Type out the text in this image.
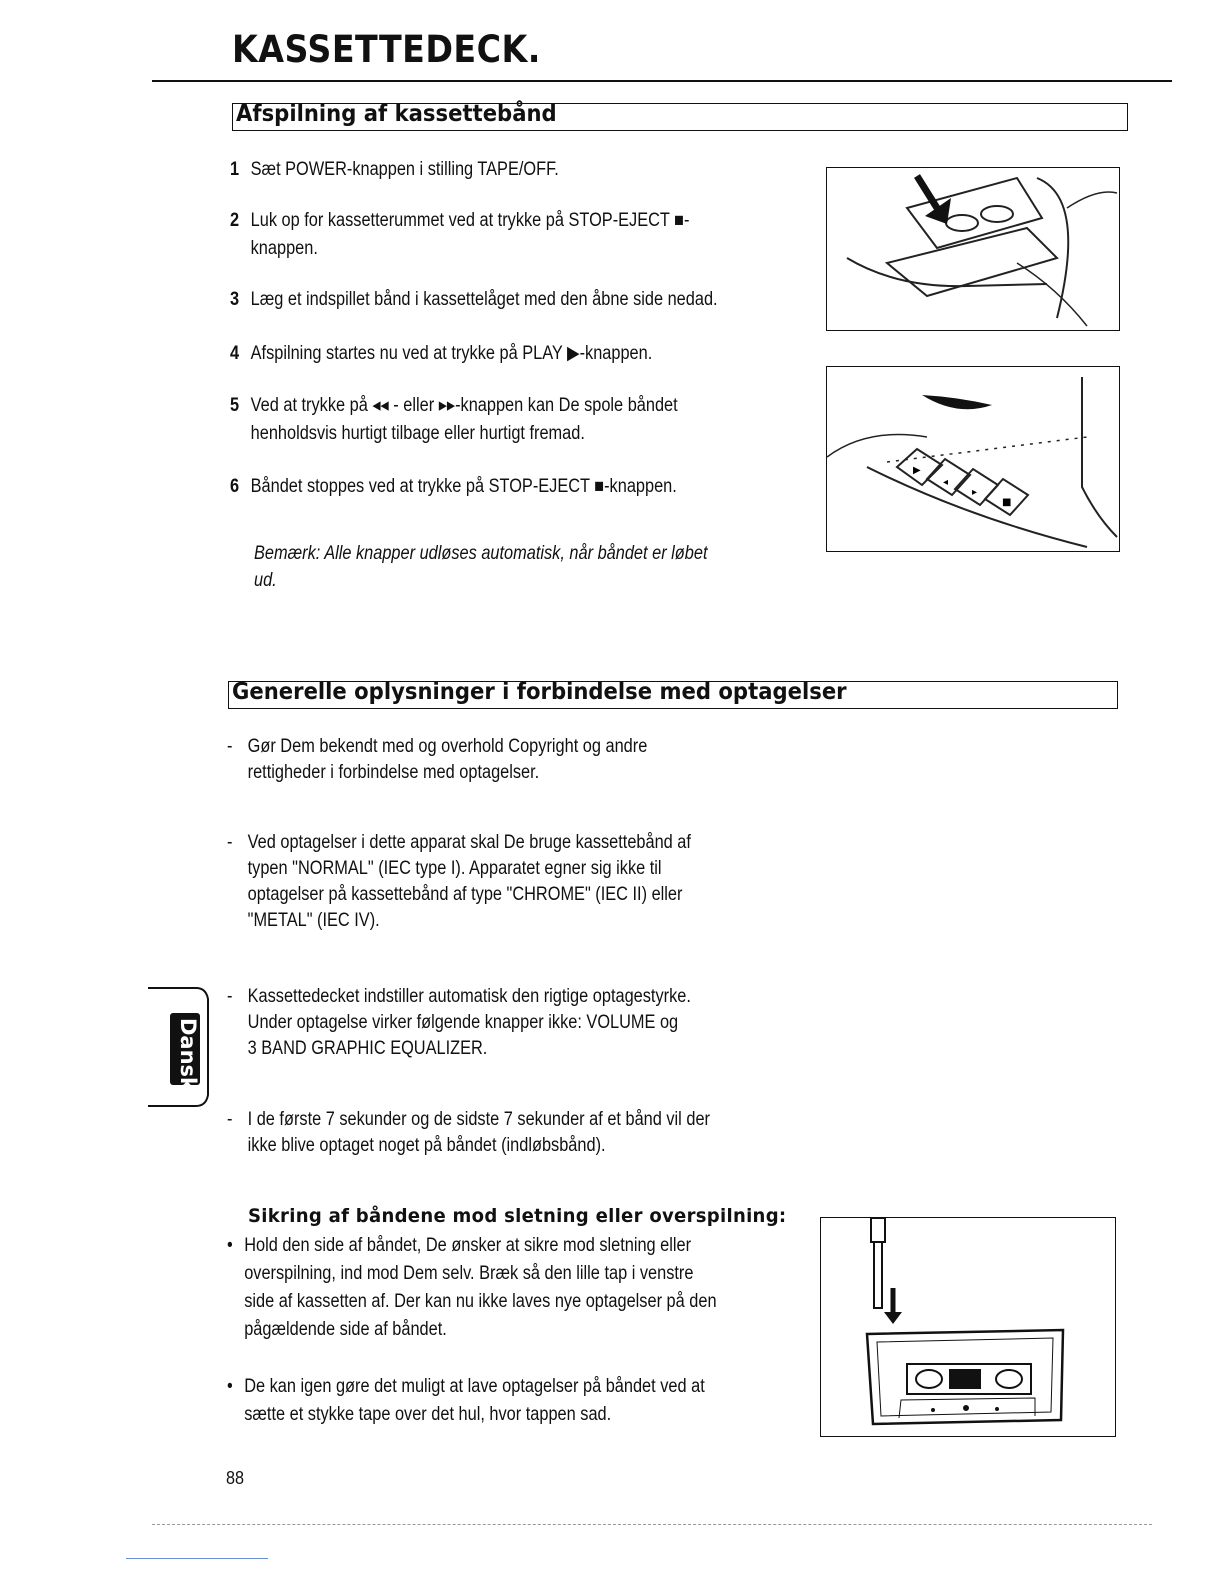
KASSETTEDECK.
Afspilning af kassettebånd
1 Sæt POWER-knappen i stilling TAPE/OFF.
2 Luk op for kassetterummet ved at trykke på STOP-EJECT ■-
knappen.
3 Læg et indspillet bånd i kassettelåget med den åbne side nedad.
4 Afspilning startes nu ved at trykke på PLAY ▶-knappen.
5 Ved at trykke på ◂◂ - eller ▸▸-knappen kan De spole båndet
henholdsvis hurtigt tilbage eller hurtigt fremad.
6 Båndet stoppes ved at trykke på STOP-EJECT ■-knappen.
Bemærk: Alle knapper udløses automatisk, når båndet er løbet
ud.
▶
◂
▸
■
Generelle oplysninger i forbindelse med optagelser
- Gør Dem bekendt med og overhold Copyright og andre
rettigheder i forbindelse med optagelser.
- Ved optagelser i dette apparat skal De bruge kassettebånd af
typen "NORMAL" (IEC type I). Apparatet egner sig ikke til
optagelser på kassettebånd af type "CHROME" (IEC II) eller
"METAL" (IEC IV).
- Kassettedecket indstiller automatisk den rigtige optagestyrke.
Under optagelse virker følgende knapper ikke: VOLUME og
3 BAND GRAPHIC EQUALIZER.
- I de første 7 sekunder og de sidste 7 sekunder af et bånd vil der
ikke blive optaget noget på båndet (indløbsbånd).
Dansk
Sikring af båndene mod sletning eller overspilning:
• Hold den side af båndet, De ønsker at sikre mod sletning eller
overspilning, ind mod Dem selv. Bræk så den lille tap i venstre
side af kassetten af. Der kan nu ikke laves nye optagelser på den
pågældende side af båndet.
• De kan igen gøre det muligt at lave optagelser på båndet ved at
sætte et stykke tape over det hul, hvor tappen sad.
88
